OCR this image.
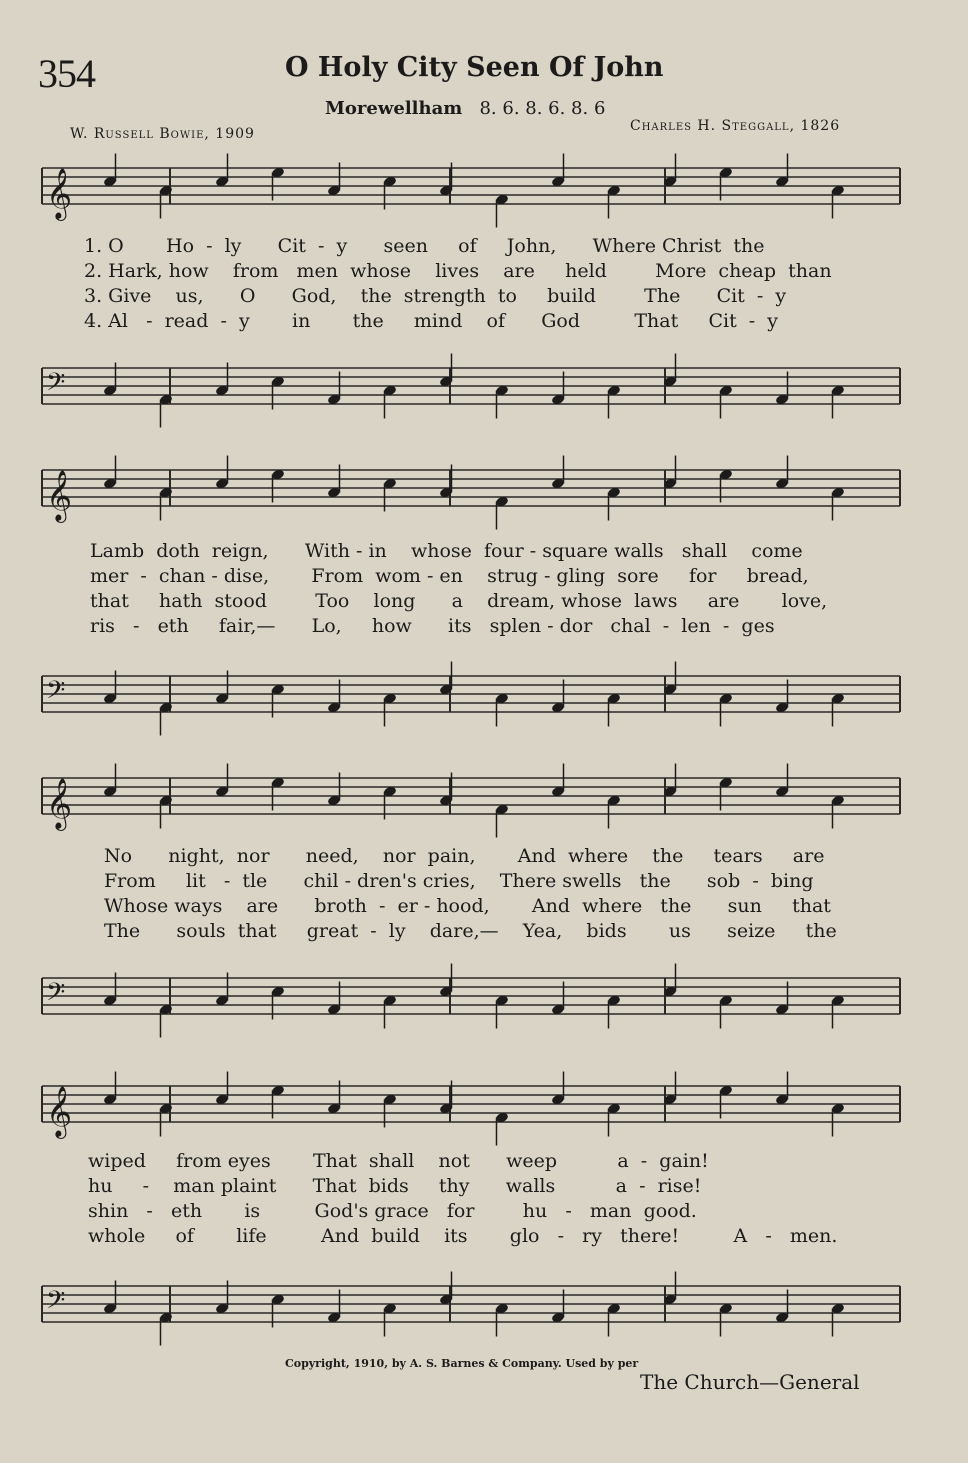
354	O Holy City Seen Of John
Morewellham 8. 6. 8. 6. 8. 6
W. Russell Bowie, 1909	Charles H. Steggall, 1826
𝄞
1. O       Ho  -  ly      Cit  -  y      seen     of     John,      Where Christ  the
2. Hark, how    from   men  whose    lives    are     held        More  cheap  than
3. Give    us,      O      God,    the  strength  to     build        The      Cit  -  y
4. Al   -  read  -  y       in       the     mind    of      God         That     Cit  -  y
𝄢
𝄞
Lamb  doth  reign,      With - in    whose  four - square walls   shall    come
mer  -  chan - dise,       From  wom - en    strug - gling  sore     for     bread,
that     hath  stood        Too    long      a    dream, whose  laws     are       love,
ris   -   eth     fair,—      Lo,     how      its   splen - dor   chal  -  len  -  ges
𝄢
𝄞
No      night,  nor      need,    nor  pain,       And  where    the     tears     are
From     lit   -  tle      chil - dren's cries,    There swells   the      sob  -  bing
Whose ways    are      broth  -  er - hood,       And  where   the      sun     that
The      souls  that     great  -  ly    dare,—    Yea,    bids       us      seize     the
𝄢
𝄞
wiped     from eyes       That  shall    not      weep          a  -  gain!
hu     -    man plaint      That  bids     thy      walls          a  -  rise!
shin   -   eth       is         God's grace   for        hu   -   man  good.
whole     of       life         And  build    its       glo   -   ry   there!         A   -   men.
𝄢
Copyright, 1910, by A. S. Barnes & Company. Used by per
The Church—General
